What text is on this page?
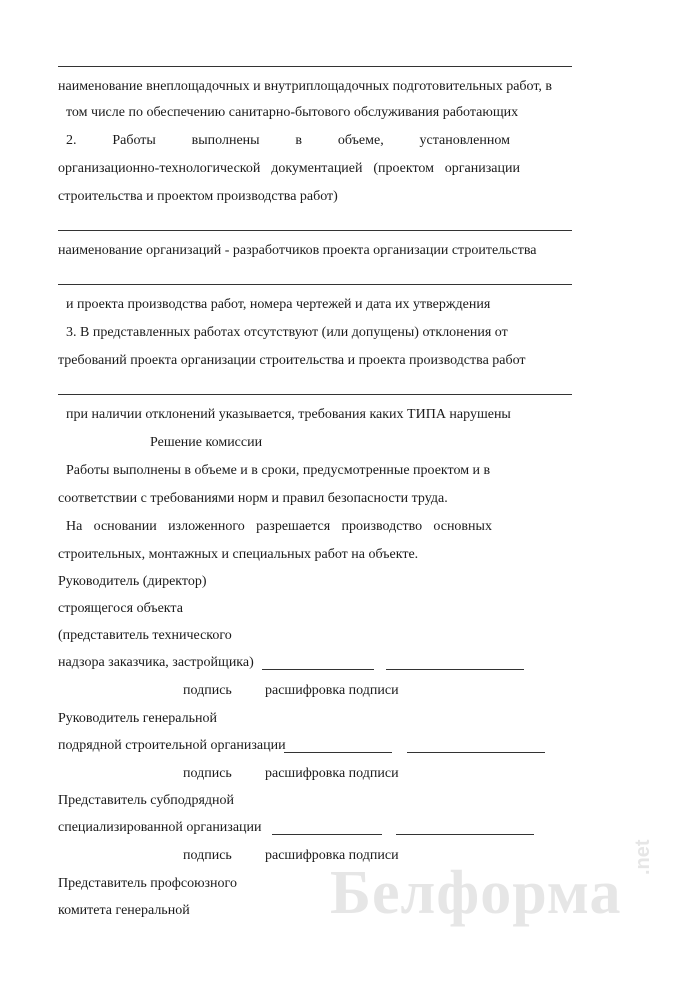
наименование внеплощадочных и внутриплощадочных подготовительных работ, в
том числе по обеспечению санитарно-бытового обслуживания работающих
2.	Работы	выполнены	в	объеме,	установленном
организационно-технологической документацией (проектом организации
строительства и проектом производства работ)
наименование организаций - разработчиков проекта организации строительства
и проекта производства работ, номера чертежей и дата их утверждения
3. В представленных работах отсутствуют (или допущены) отклонения от
требований проекта организации строительства и проекта производства работ
при наличии отклонений указывается, требования каких ТИПА нарушены
Решение комиссии
Работы выполнены в объеме и в сроки, предусмотренные проектом и в
соответствии с требованиями норм и правил безопасности труда.
На основании изложенного разрешается производство основных
строительных, монтажных и специальных работ на объекте.
Руководитель (директор)
строящегося объекта
(представитель технического
надзора заказчика, застройщика)
подпись расшифровка подписи
Руководитель генеральной
подрядной строительной организации
подпись расшифровка подписи
Представитель субподрядной
специализированной организации
подпись расшифровка подписи
Представитель профсоюзного
комитета генеральной Белформа
.net
